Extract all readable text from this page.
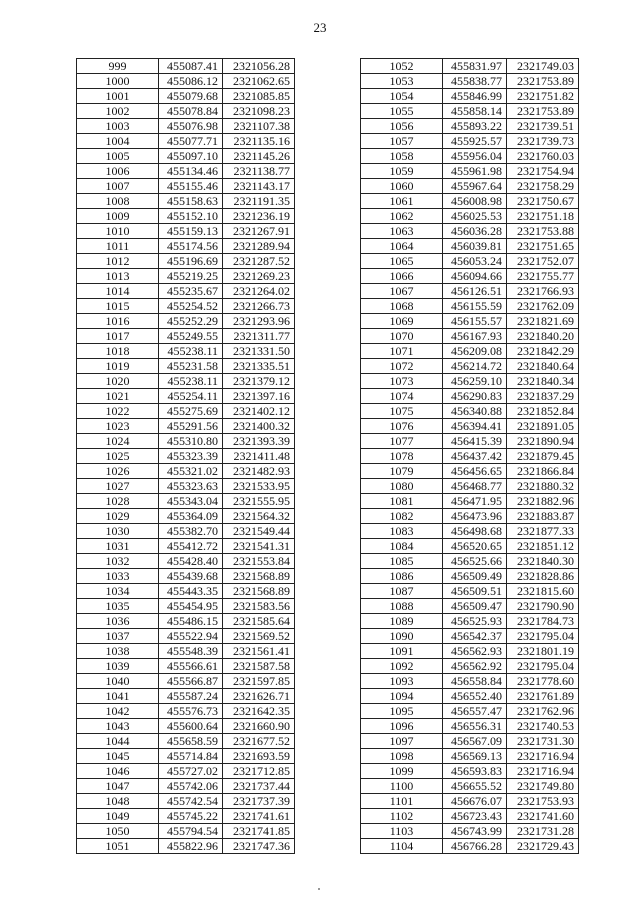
23
999	455087.41	2321056.28
1000	455086.12	2321062.65
1001	455079.68	2321085.85
1002	455078.84	2321098.23
1003	455076.98	2321107.38
1004	455077.71	2321135.16
1005	455097.10	2321145.26
1006	455134.46	2321138.77
1007	455155.46	2321143.17
1008	455158.63	2321191.35
1009	455152.10	2321236.19
1010	455159.13	2321267.91
1011	455174.56	2321289.94
1012	455196.69	2321287.52
1013	455219.25	2321269.23
1014	455235.67	2321264.02
1015	455254.52	2321266.73
1016	455252.29	2321293.96
1017	455249.55	2321311.77
1018	455238.11	2321331.50
1019	455231.58	2321335.51
1020	455238.11	2321379.12
1021	455254.11	2321397.16
1022	455275.69	2321402.12
1023	455291.56	2321400.32
1024	455310.80	2321393.39
1025	455323.39	2321411.48
1026	455321.02	2321482.93
1027	455323.63	2321533.95
1028	455343.04	2321555.95
1029	455364.09	2321564.32
1030	455382.70	2321549.44
1031	455412.72	2321541.31
1032	455428.40	2321553.84
1033	455439.68	2321568.89
1034	455443.35	2321568.89
1035	455454.95	2321583.56
1036	455486.15	2321585.64
1037	455522.94	2321569.52
1038	455548.39	2321561.41
1039	455566.61	2321587.58
1040	455566.87	2321597.85
1041	455587.24	2321626.71
1042	455576.73	2321642.35
1043	455600.64	2321660.90
1044	455658.59	2321677.52
1045	455714.84	2321693.59
1046	455727.02	2321712.85
1047	455742.06	2321737.44
1048	455742.54	2321737.39
1049	455745.22	2321741.61
1050	455794.54	2321741.85
1051	455822.96	2321747.36
1052	455831.97	2321749.03
1053	455838.77	2321753.89
1054	455846.99	2321751.82
1055	455858.14	2321753.89
1056	455893.22	2321739.51
1057	455925.57	2321739.73
1058	455956.04	2321760.03
1059	455961.98	2321754.94
1060	455967.64	2321758.29
1061	456008.98	2321750.67
1062	456025.53	2321751.18
1063	456036.28	2321753.88
1064	456039.81	2321751.65
1065	456053.24	2321752.07
1066	456094.66	2321755.77
1067	456126.51	2321766.93
1068	456155.59	2321762.09
1069	456155.57	2321821.69
1070	456167.93	2321840.20
1071	456209.08	2321842.29
1072	456214.72	2321840.64
1073	456259.10	2321840.34
1074	456290.83	2321837.29
1075	456340.88	2321852.84
1076	456394.41	2321891.05
1077	456415.39	2321890.94
1078	456437.42	2321879.45
1079	456456.65	2321866.84
1080	456468.77	2321880.32
1081	456471.95	2321882.96
1082	456473.96	2321883.87
1083	456498.68	2321877.33
1084	456520.65	2321851.12
1085	456525.66	2321840.30
1086	456509.49	2321828.86
1087	456509.51	2321815.60
1088	456509.47	2321790.90
1089	456525.93	2321784.73
1090	456542.37	2321795.04
1091	456562.93	2321801.19
1092	456562.92	2321795.04
1093	456558.84	2321778.60
1094	456552.40	2321761.89
1095	456557.47	2321762.96
1096	456556.31	2321740.53
1097	456567.09	2321731.30
1098	456569.13	2321716.94
1099	456593.83	2321716.94
1100	456655.52	2321749.80
1101	456676.07	2321753.93
1102	456723.43	2321741.60
1103	456743.99	2321731.28
1104	456766.28	2321729.43
